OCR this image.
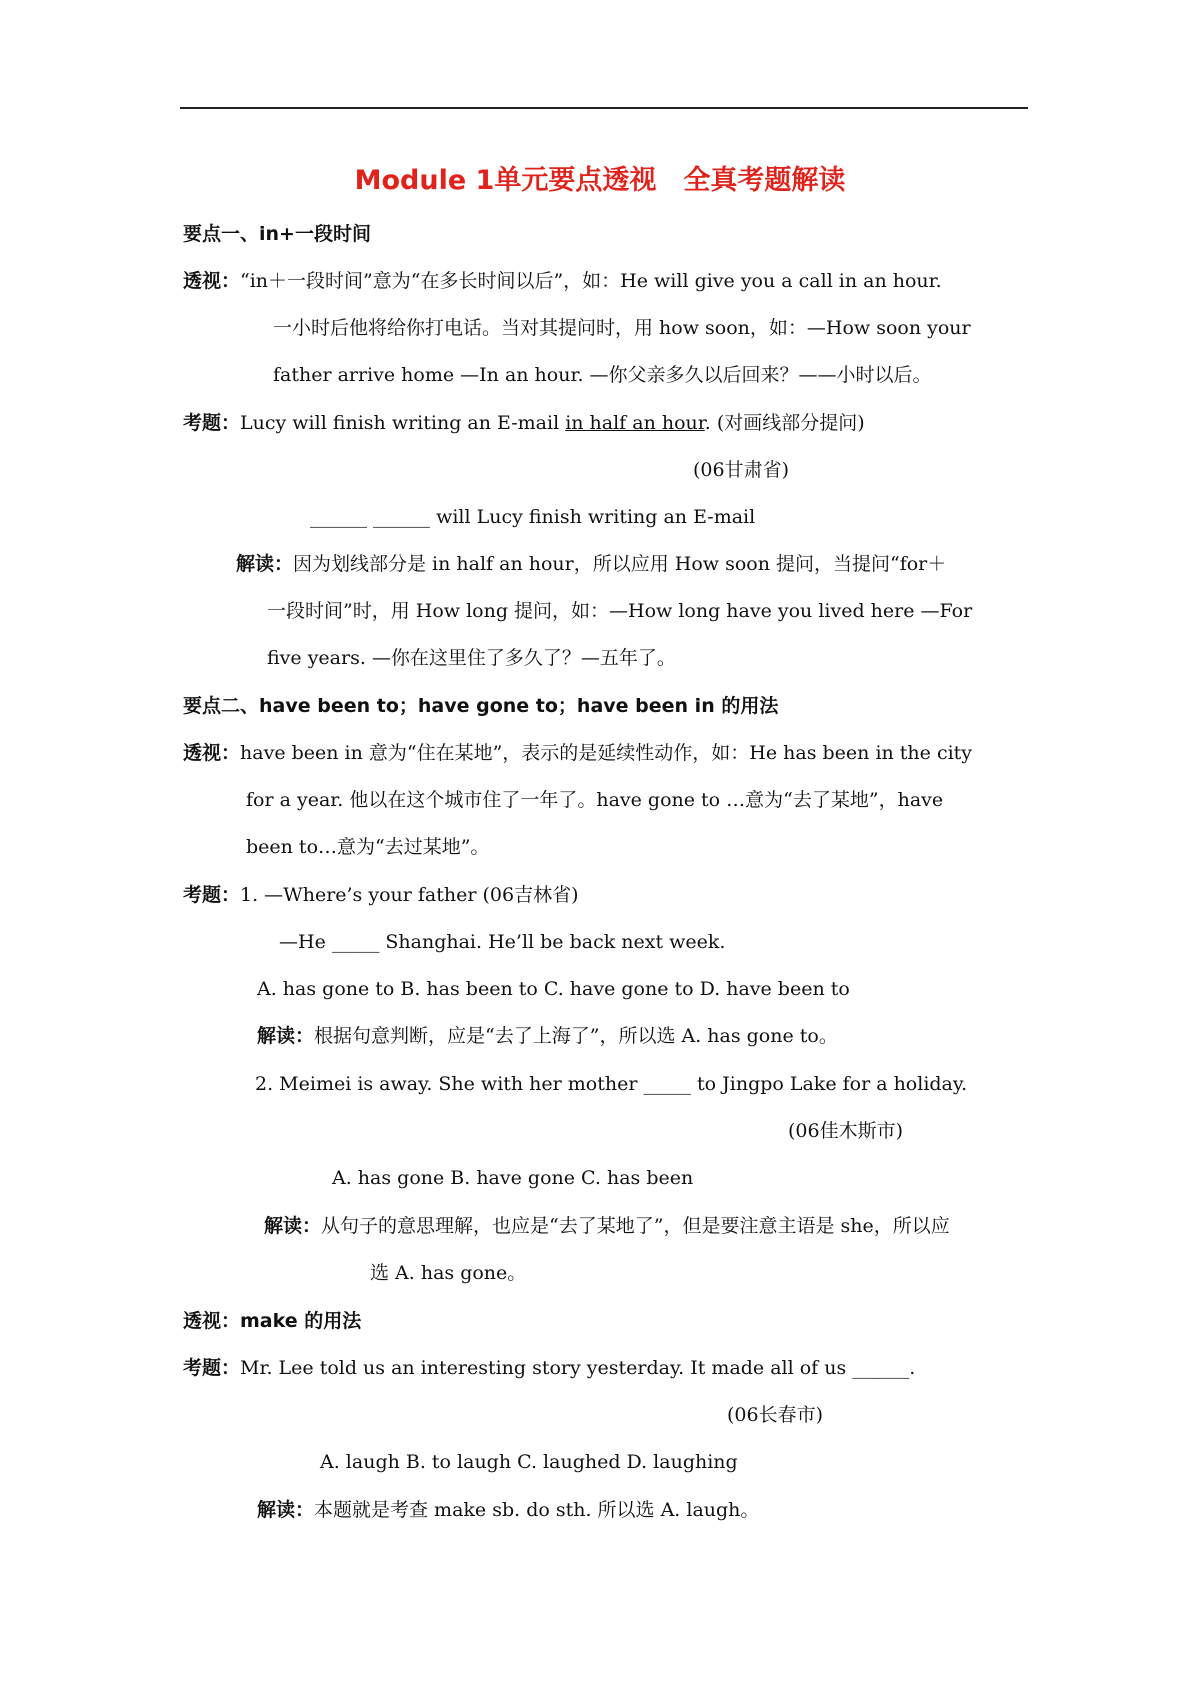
Module 1单元要点透视　全真考题解读
要点一、in+一段时间
透视：“in＋一段时间”意为“在多长时间以后”，如：He will give you a call in an hour.
一小时后他将给你打电话。当对其提问时，用 how soon，如：—How soon your
father arrive home —In an hour. —你父亲多久以后回来？——小时以后。
考题：Lucy will finish writing an E-mail in half an hour. (对画线部分提问)
(06甘肃省)
______ ______ will Lucy finish writing an E-mail
解读：因为划线部分是 in half an hour，所以应用 How soon 提问，当提问“for＋
一段时间”时，用 How long 提问，如：—How long have you lived here —For
five years. —你在这里住了多久了？—五年了。
要点二、have been to；have gone to；have been in 的用法
透视：have been in 意为“住在某地”，表示的是延续性动作，如：He has been in the city
for a year. 他以在这个城市住了一年了。have gone to …意为“去了某地”，have
been to…意为“去过某地”。
考题：1. —Where’s your father (06吉林省)
—He _____ Shanghai. He’ll be back next week.
A. has gone to B. has been to C. have gone to D. have been to
解读：根据句意判断，应是“去了上海了”，所以选 A. has gone to。
2. Meimei is away. She with her mother _____ to Jingpo Lake for a holiday.
(06佳木斯市)
A. has gone B. have gone C. has been
解读：从句子的意思理解，也应是“去了某地了”，但是要注意主语是 she，所以应
选 A. has gone。
透视：make 的用法
考题：Mr. Lee told us an interesting story yesterday. It made all of us ______.
(06长春市)
A. laugh B. to laugh C. laughed D. laughing
解读：本题就是考查 make sb. do sth. 所以选 A. laugh。
